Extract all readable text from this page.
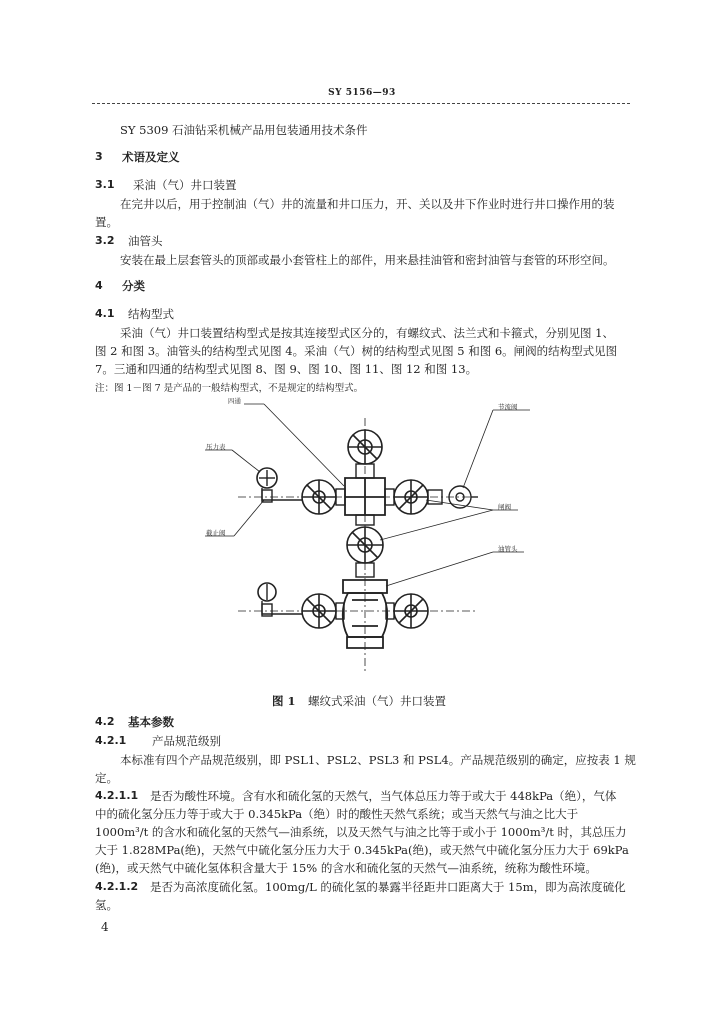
SY 5156—93
SY 5309 石油钻采机械产品用包装通用技术条件
3 术语及定义
3.1 采油（气）井口装置
在完井以后，用于控制油（气）井的流量和井口压力，开、关以及井下作业时进行井口操作用的装
置。
3.2 油管头
安装在最上层套管头的顶部或最小套管柱上的部件，用来悬挂油管和密封油管与套管的环形空间。
4 分类
4.1 结构型式
采油（气）井口装置结构型式是按其连接型式区分的，有螺纹式、法兰式和卡箍式，分别见图 1、
图 2 和图 3。油管头的结构型式见图 4。采油（气）树的结构型式见图 5 和图 6。闸阀的结构型式见图
7。三通和四通的结构型式见图 8、图 9、图 10、图 11、图 12 和图 13。
注：图 1－图 7 是产品的一般结构型式，不是规定的结构型式。
四通
压力表
截止阀
节流阀
闸阀
油管头
图 1 螺纹式采油（气）井口装置
4.2 基本参数
4.2.1 产品规范级别
本标准有四个产品规范级别，即 PSL1、PSL2、PSL3 和 PSL4。产品规范级别的确定，应按表 1 规
定。
4.2.1.1 是否为酸性环境。含有水和硫化氢的天然气，当气体总压力等于或大于 448kPa（绝），气体
中的硫化氢分压力等于或大于 0.345kPa（绝）时的酸性天然气系统；或当天然气与油之比大于
1000m³/t 的含水和硫化氢的天然气—油系统，以及天然气与油之比等于或小于 1000m³/t 时，其总压力
大于 1.828MPa(绝)，天然气中硫化氢分压力大于 0.345kPa(绝)，或天然气中硫化氢分压力大于 69kPa
(绝)，或天然气中硫化氢体积含量大于 15% 的含水和硫化氢的天然气—油系统，统称为酸性环境。
4.2.1.2 是否为高浓度硫化氢。100mg/L 的硫化氢的暴露半径距井口距离大于 15m，即为高浓度硫化
氢。
4
